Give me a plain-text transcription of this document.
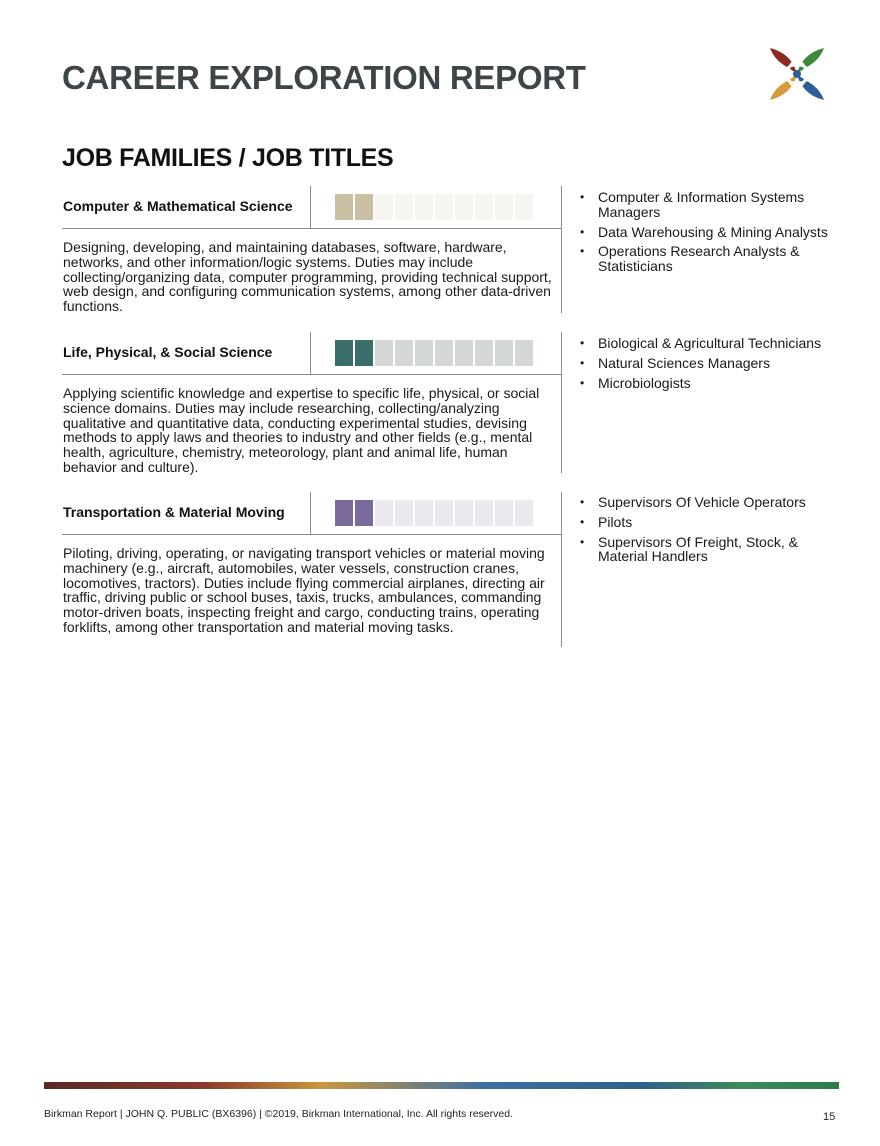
CAREER EXPLORATION REPORT
JOB FAMILIES / JOB TITLES
Computer & Mathematical Science

Designing, developing, and maintaining databases, software, hardware, networks, and other information/logic systems. Duties may include collecting/organizing data, computer programming, providing technical support, web design, and configuring communication systems, among other data-driven functions.

• Computer & Information Systems Managers
• Data Warehousing & Mining Analysts
• Operations Research Analysts & Statisticians
Life, Physical, & Social Science

Applying scientific knowledge and expertise to specific life, physical, or social science domains. Duties may include researching, collecting/analyzing qualitative and quantitative data, conducting experimental studies, devising methods to apply laws and theories to industry and other fields (e.g., mental health, agriculture, chemistry, meteorology, plant and animal life, human behavior and culture).

• Biological & Agricultural Technicians
• Natural Sciences Managers
• Microbiologists
Transportation & Material Moving

Piloting, driving, operating, or navigating transport vehicles or material moving machinery (e.g., aircraft, automobiles, water vessels, construction cranes, locomotives, tractors). Duties include flying commercial airplanes, directing air traffic, driving public or school buses, taxis, trucks, ambulances, commanding motor-driven boats, inspecting freight and cargo, conducting trains, operating forklifts, among other transportation and material moving tasks.

• Supervisors Of Vehicle Operators
• Pilots
• Supervisors Of Freight, Stock, & Material Handlers
Birkman Report | JOHN Q. PUBLIC (BX6396) | ©2019, Birkman International, Inc. All rights reserved.	15
